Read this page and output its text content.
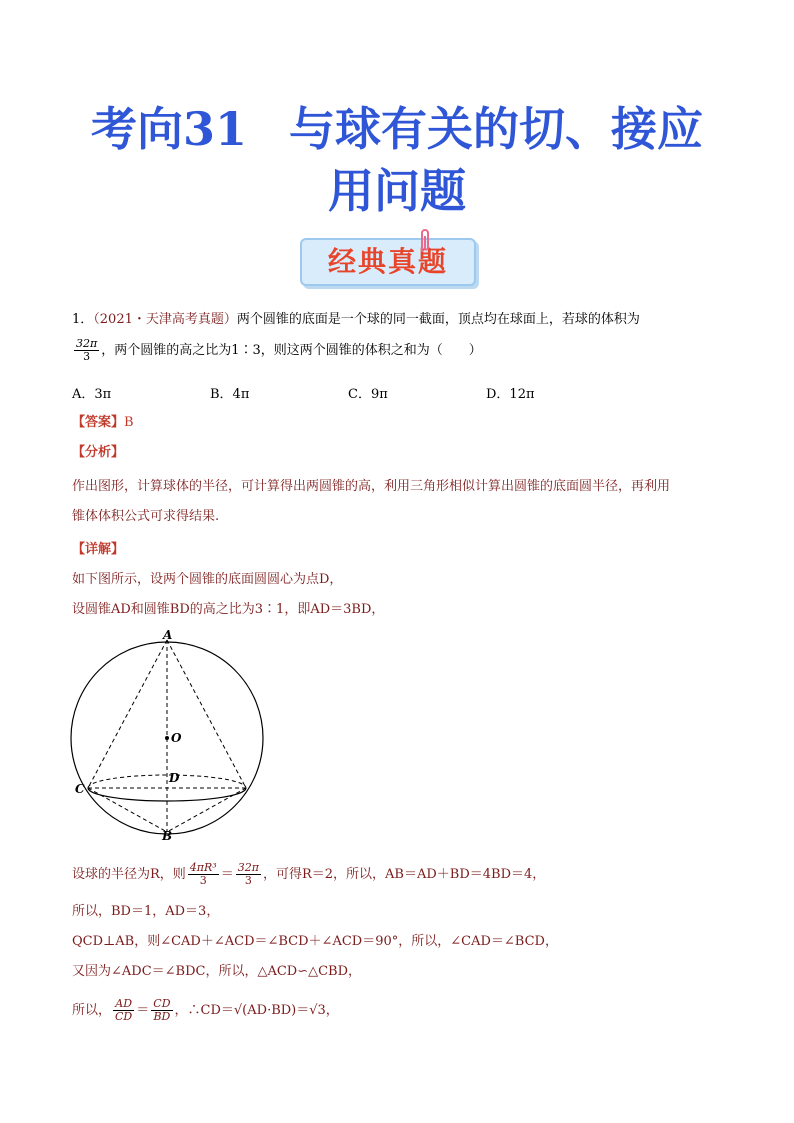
考向31 与球有关的切、接应
用问题
经典真题
1．（2021・天津高考真题）两个圆锥的底面是一个球的同一截面，顶点均在球面上，若球的体积为
$\frac{32\pi}{3}$ ，两个圆锥的高之比为1∶3，则这两个圆锥的体积之和为（　　）
A．3π	B．4π	C．9π	D．12π
【答案】B
【分析】
作出图形，计算球体的半径，可计算得出两圆锥的高，利用三角形相似计算出圆锥的底面圆半径，再利用
锥体体积公式可求得结果.
【详解】
如下图所示，设两个圆锥的底面圆圆心为点D，
设圆锥AD和圆锥BD的高之比为3∶1，即AD＝3BD，
A
O
D
C
B
设球的半径为R，则 $\frac{\text{4πR³}}{3} = \frac{32\pi}{3}$ ，可得R＝2，所以，AB＝AD＋BD＝4BD＝4，
所以，BD＝1，AD＝3，
QCD⊥AB，则∠CAD＋∠ACD＝∠BCD＋∠ACD＝90°，所以，∠CAD＝∠BCD，
又因为∠ADC＝∠BDC，所以，△ACD∽△CBD，
所以， $\frac{AD}{CD} = \frac{CD}{BD}$ ，∴CD＝√(AD·BD)＝√3，
